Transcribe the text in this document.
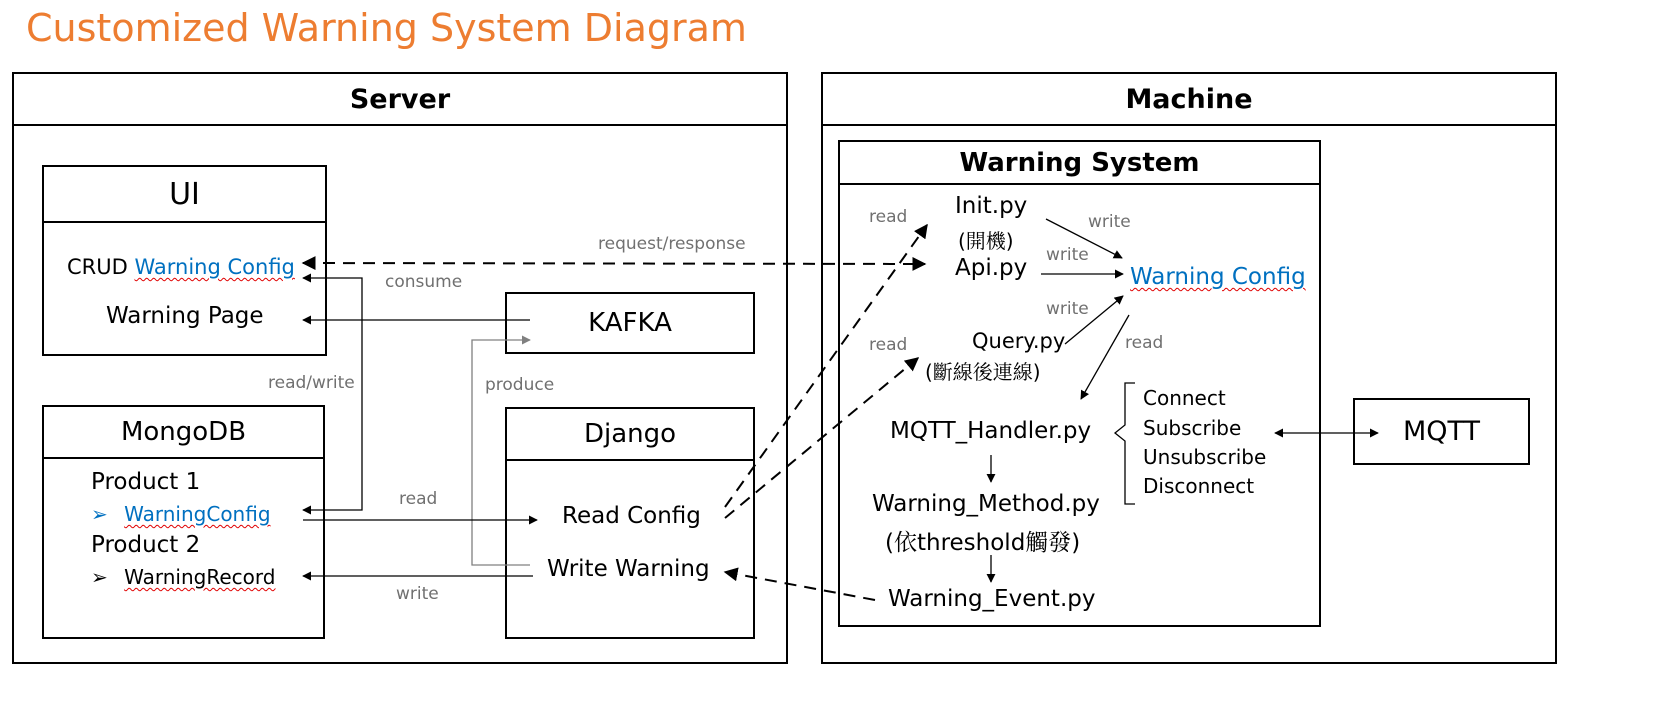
Customized Warning System Diagram
Server
UI
CRUD Warning Config
Warning Page
MongoDB
Product 1
➢ WarningConfig
Product 2
➢ WarningRecord
KAFKA
Django
Read Config
Write Warning
Machine
Warning System
Init.py
(開機)
Api.py
Query.py
(斷線後連線)
Warning Config
MQTT_Handler.py
Connect
Subscribe
Unsubscribe
Disconnect
Warning_Method.py
(依threshold觸發)
Warning_Event.py
MQTT
request/response
consume
read/write	produce
read
write
read
read
write
write
write
read
